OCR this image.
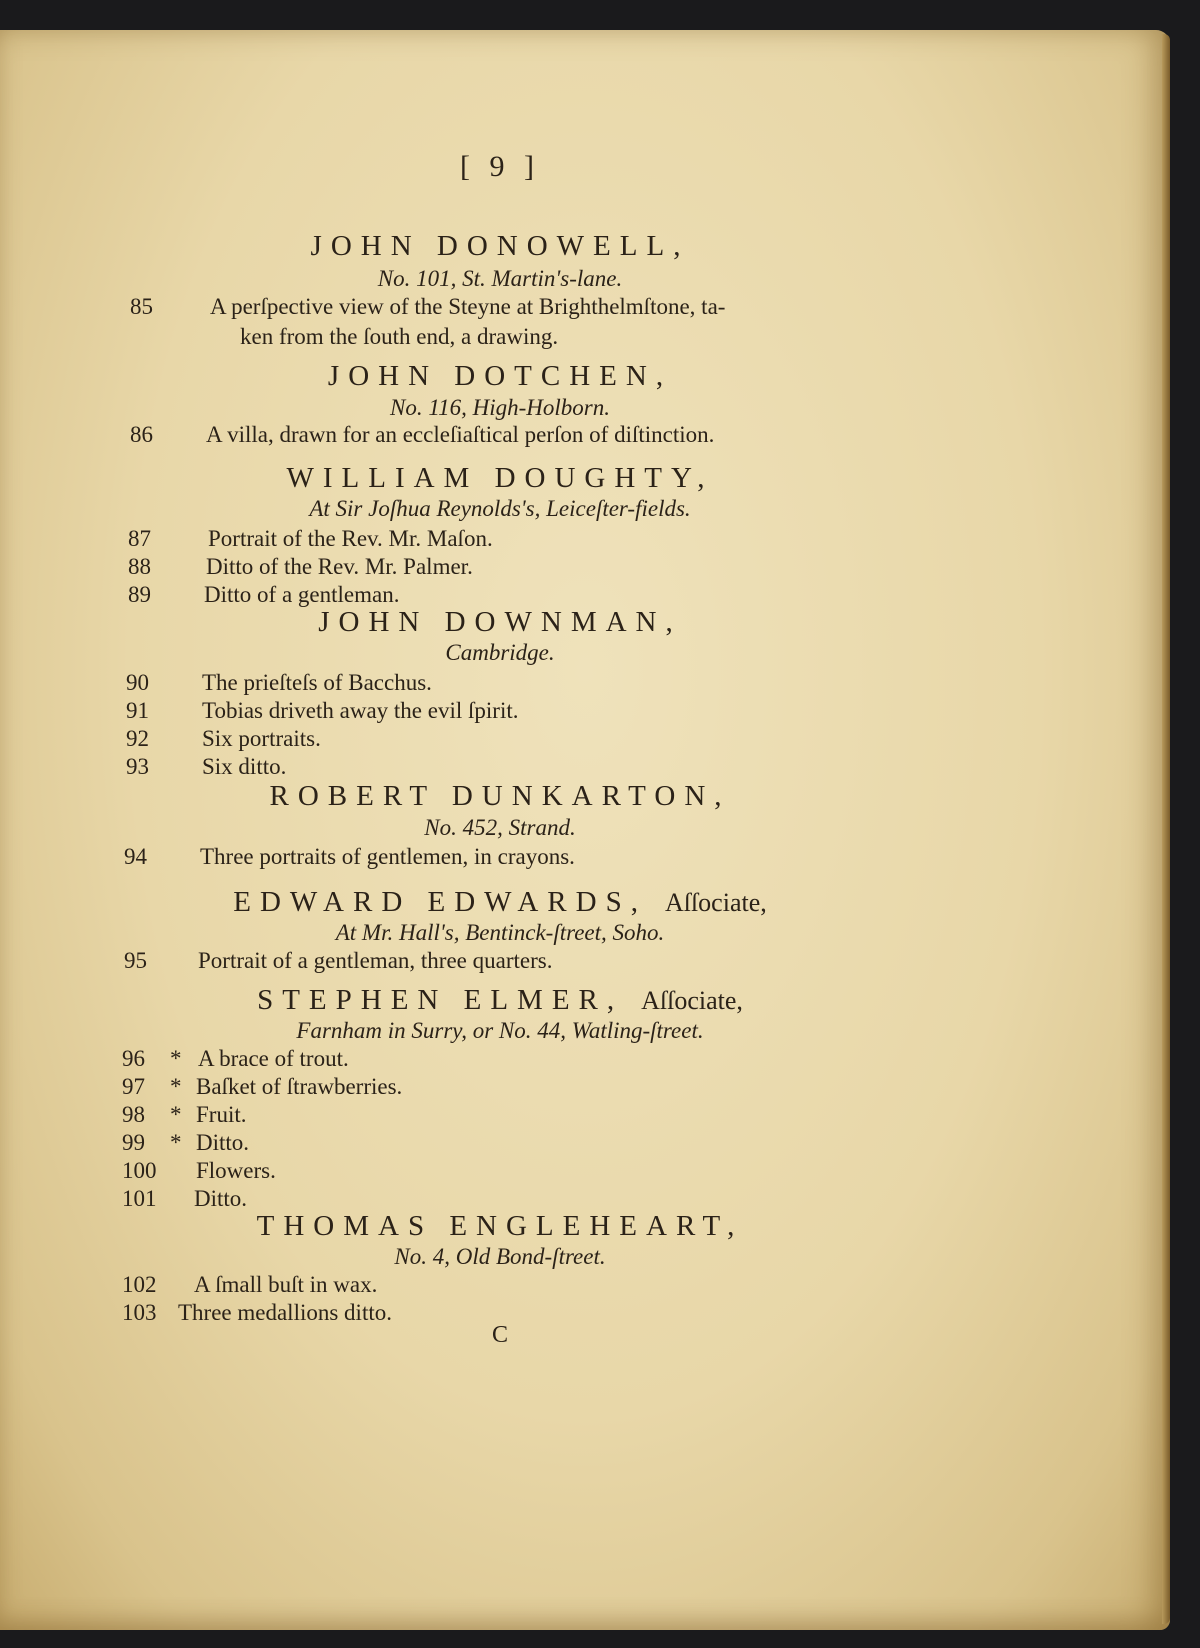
[ 9 ]
JOHN DONOWELL,
No. 101, St. Martin's-lane.
85 A perſpective view of the Steyne at Brighthelmſtone, ta-
ken from the ſouth end, a drawing.
JOHN DOTCHEN,
No. 116, High-Holborn.
86 A villa, drawn for an eccleſiaſtical perſon of diſtinction.
WILLIAM DOUGHTY,
At Sir Joſhua Reynolds's, Leiceſter-fields.
87 Portrait of the Rev. Mr. Maſon.
88 Ditto of the Rev. Mr. Palmer.
89 Ditto of a gentleman.
JOHN DOWNMAN,
Cambridge.
90 The prieſteſs of Bacchus.
91 Tobias driveth away the evil ſpirit.
92 Six portraits.
93 Six ditto.
ROBERT DUNKARTON,
No. 452, Strand.
94 Three portraits of gentlemen, in crayons.
EDWARD EDWARDS, Aſſociate,
At Mr. Hall's, Bentinck-ſtreet, Soho.
95 Portrait of a gentleman, three quarters.
STEPHEN ELMER, Aſſociate,
Farnham in Surry, or No. 44, Watling-ſtreet.
96 * A brace of trout.
97 * Baſket of ſtrawberries.
98 * Fruit.
99 * Ditto.
100 Flowers.
101 Ditto.
THOMAS ENGLEHEART,
No. 4, Old Bond-ſtreet.
102 A ſmall buſt in wax.
103 Three medallions ditto.
C
